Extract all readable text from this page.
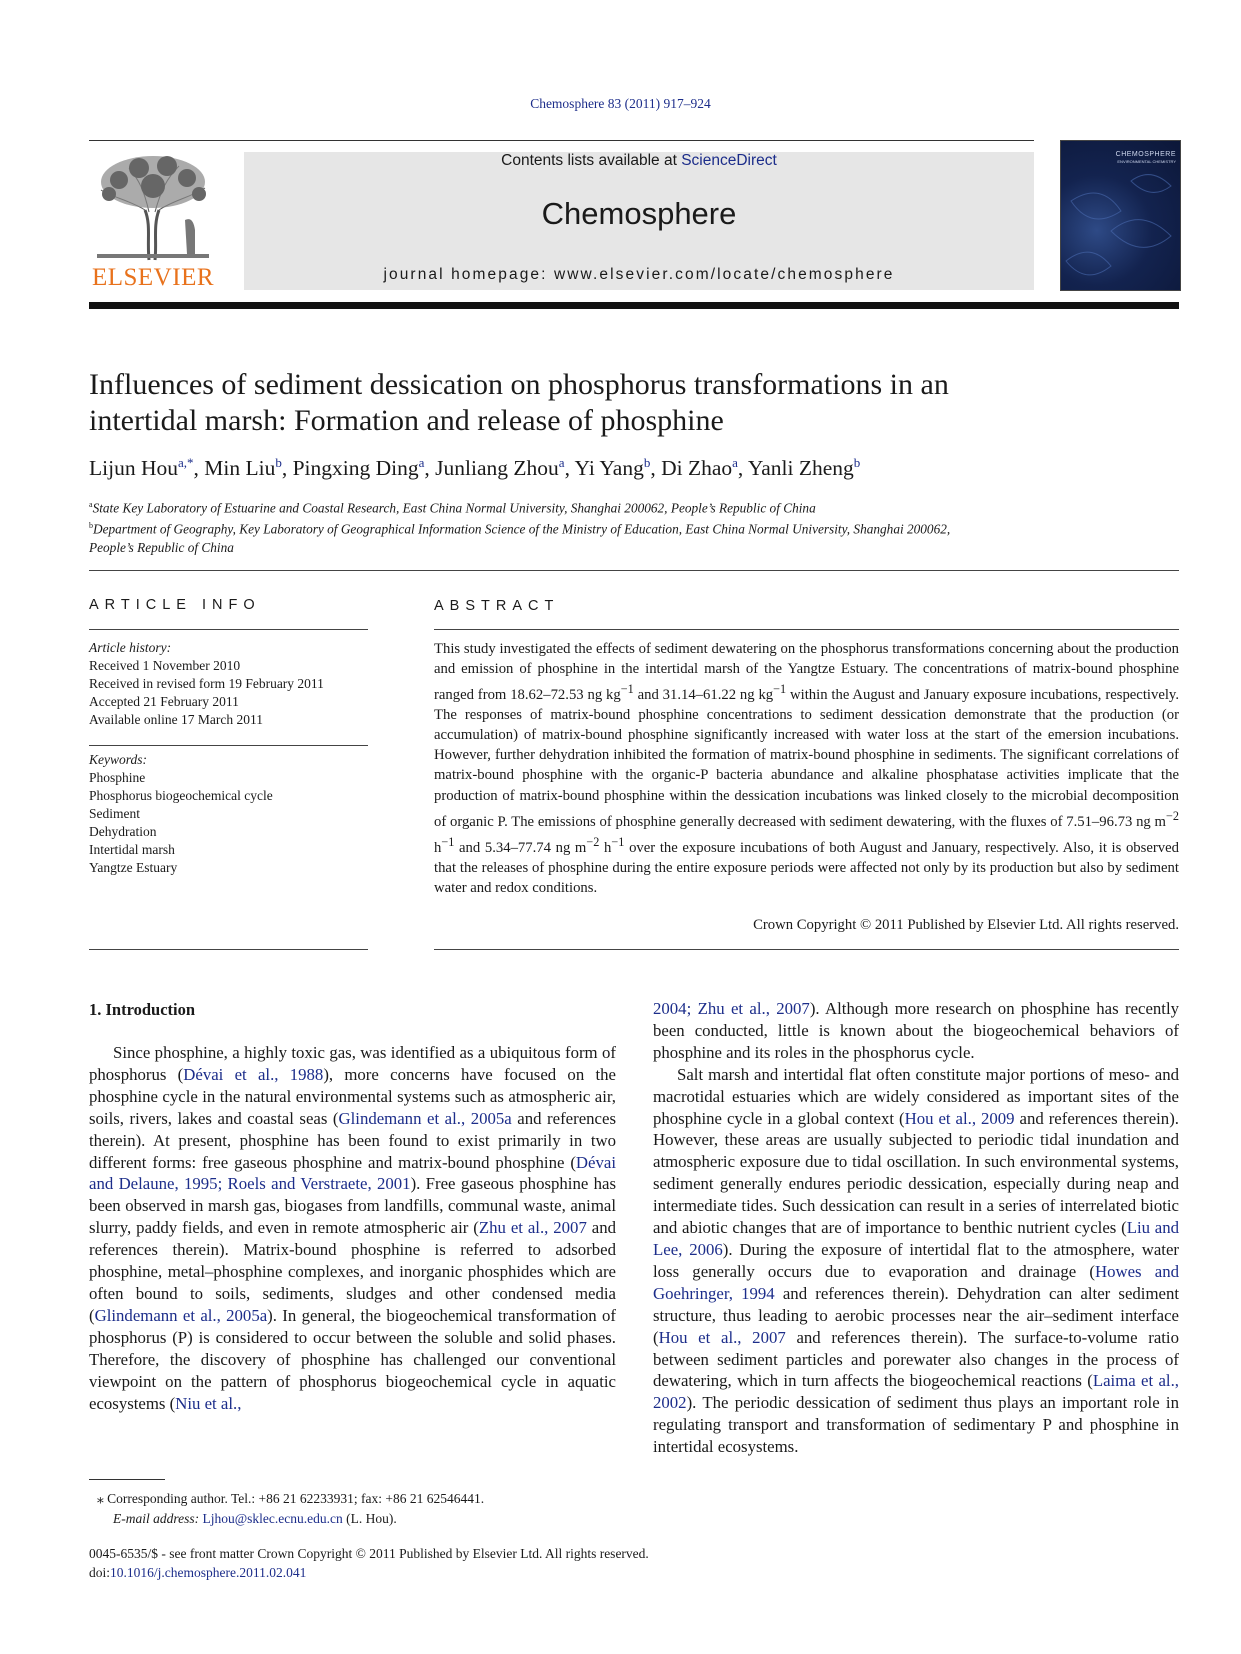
Chemosphere 83 (2011) 917–924
ELSEVIER
Contents lists available at ScienceDirect
Chemosphere
journal homepage: www.elsevier.com/locate/chemosphere
CHEMOSPHERE
ENVIRONMENTAL CHEMISTRY
Influences of sediment dessication on phosphorus transformations in an
intertidal marsh: Formation and release of phosphine
Lijun Hou$^{a,*}$, Min Liu$^b$, Pingxing Ding$^a$, Junliang Zhou$^a$, Yi Yang$^b$, Di Zhao$^a$, Yanli Zheng$^b$
$^a$State Key Laboratory of Estuarine and Coastal Research, East China Normal University, Shanghai 200062, People’s Republic of China
$^b$Department of Geography, Key Laboratory of Geographical Information Science of the Ministry of Education, East China Normal University, Shanghai 200062,
People’s Republic of China
ARTICLE INFO	ABSTRACT
Article history:
Received 1 November 2010
Received in revised form 19 February 2011
Accepted 21 February 2011
Available online 17 March 2011
Keywords:
Phosphine
Phosphorus biogeochemical cycle
Sediment
Dehydration
Intertidal marsh
Yangtze Estuary

This study investigated the effects of sediment dewatering on the phosphorus transformations concerning about the production and emission of phosphine in the intertidal marsh of the Yangtze Estuary. The concentrations of matrix-bound phosphine ranged from 18.62–72.53 ng $kg^{-1}$ and 31.14–61.22 ng $kg^{-1}$ within the August and January exposure incubations, respectively. The responses of matrix-bound phosphine concentrations to sediment dessication demonstrate that the production (or accumulation) of matrix-bound phosphine significantly increased with water loss at the start of the emersion incubations. However, further dehydration inhibited the formation of matrix-bound phosphine in sediments. The significant correlations of matrix-bound phosphine with the organic-P bacteria abundance and alkaline phosphatase activities implicate that the production of matrix-bound phosphine within the dessication incubations was linked closely to the microbial decomposition of organic P. The emissions of phosphine generally decreased with sediment dewatering, with the fluxes of 7.51–96.73 ng $m^{-2}$ $h^{-1}$ and 5.34–77.74 ng $m^{-2}$ $h^{-1}$ over the exposure incubations of both August and January, respectively. Also, it is observed that the releases of phosphine during the entire exposure periods were affected not only by its production but also by sediment water and redox conditions.

Crown Copyright © 2011 Published by Elsevier Ltd. All rights reserved.
1. Introduction

Since phosphine, a highly toxic gas, was identified as a ubiquitous form of phosphorus (Dévai et al., 1988), more concerns have focused on the phosphine cycle in the natural environmental systems such as atmospheric air, soils, rivers, lakes and coastal seas (Glindemann et al., 2005a and references therein). At present, phosphine has been found to exist primarily in two different forms: free gaseous phosphine and matrix-bound phosphine (Dévai and Delaune, 1995; Roels and Verstraete, 2001). Free gaseous phosphine has been observed in marsh gas, biogases from landfills, communal waste, animal slurry, paddy fields, and even in remote atmospheric air (Zhu et al., 2007 and references therein). Matrix-bound phosphine is referred to adsorbed phosphine, metal–phosphine complexes, and inorganic phosphides which are often bound to soils, sediments, sludges and other condensed media (Glindemann et al., 2005a). In general, the biogeochemical transformation of phosphorus (P) is considered to occur between the soluble and solid phases. Therefore, the discovery of phosphine has challenged our conventional viewpoint on the pattern of phosphorus biogeochemical cycle in aquatic ecosystems (Niu et al.,

2004; Zhu et al., 2007). Although more research on phosphine has recently been conducted, little is known about the biogeochemical behaviors of phosphine and its roles in the phosphorus cycle.

Salt marsh and intertidal flat often constitute major portions of meso- and macrotidal estuaries which are widely considered as important sites of the phosphine cycle in a global context (Hou et al., 2009 and references therein). However, these areas are usually subjected to periodic tidal inundation and atmospheric exposure due to tidal oscillation. In such environmental systems, sediment generally endures periodic dessication, especially during neap and intermediate tides. Such dessication can result in a series of interrelated biotic and abiotic changes that are of importance to benthic nutrient cycles (Liu and Lee, 2006). During the exposure of intertidal flat to the atmosphere, water loss generally occurs due to evaporation and drainage (Howes and Goehringer, 1994 and references therein). Dehydration can alter sediment structure, thus leading to aerobic processes near the air–sediment interface (Hou et al., 2007 and references therein). The surface-to-volume ratio between sediment particles and porewater also changes in the process of dewatering, which in turn affects the biogeochemical reactions (Laima et al., 2002). The periodic dessication of sediment thus plays an important role in regulating transport and transformation of sedimentary P and phosphine in intertidal ecosystems.

⁎ Corresponding author. Tel.: +86 21 62233931; fax: +86 21 62546441.
E-mail address: Ljhou@sklec.ecnu.edu.cn (L. Hou).
0045-6535/$ - see front matter Crown Copyright © 2011 Published by Elsevier Ltd. All rights reserved.
doi:10.1016/j.chemosphere.2011.02.041
